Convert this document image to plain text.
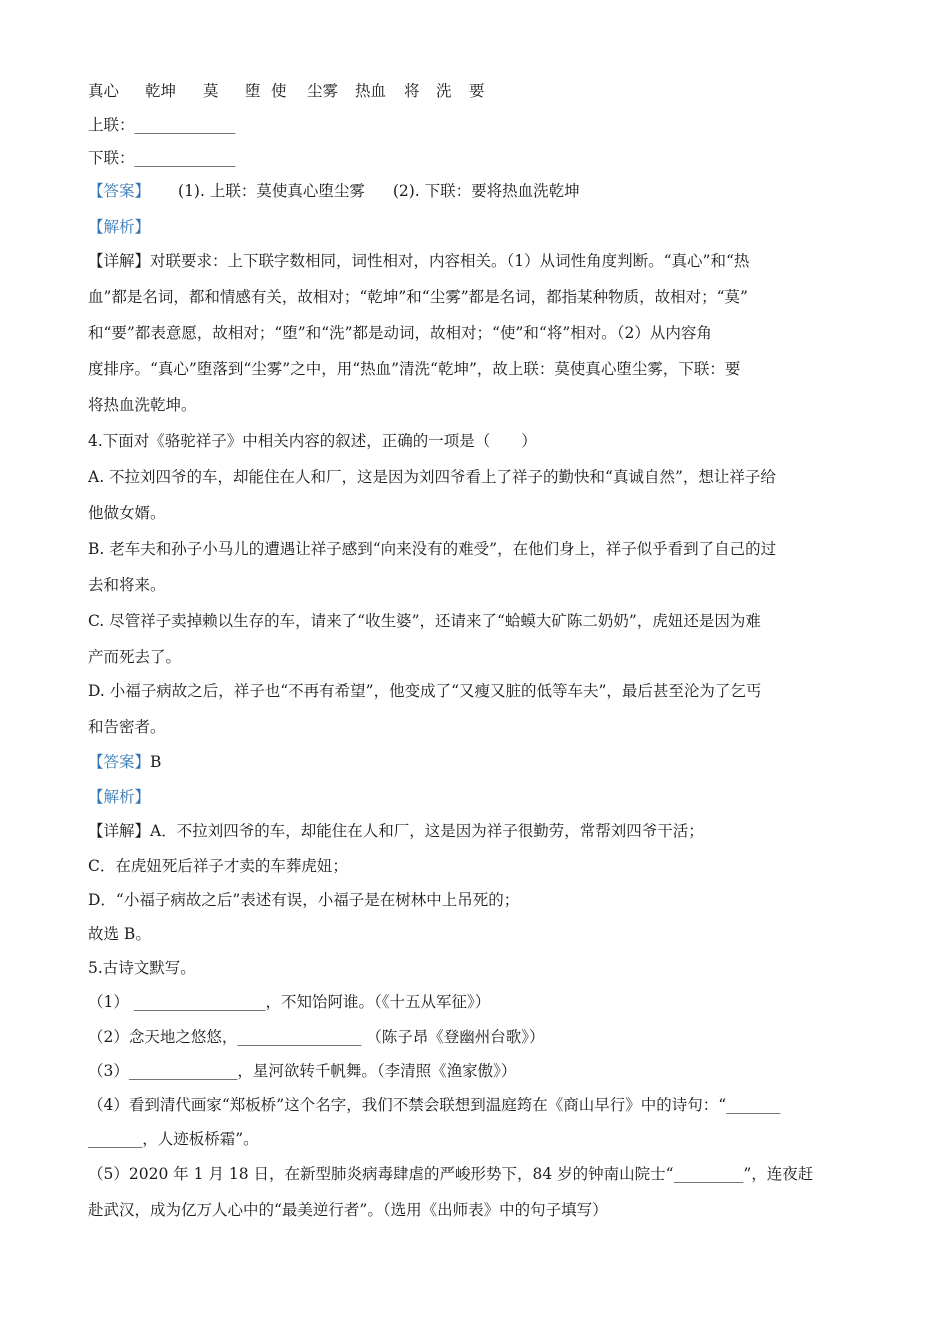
真心 乾坤 莫 堕 使 尘雾 热血 将 洗 要
上联：_____________
下联：_____________
【答案】 (1). 上联：莫使真心堕尘雾 (2). 下联：要将热血洗乾坤
【解析】
【详解】对联要求：上下联字数相同，词性相对，内容相关。（1）从词性角度判断。“真心”和“热
血”都是名词，都和情感有关，故相对；“乾坤”和“尘雾”都是名词，都指某种物质，故相对；“莫”
和“要”都表意愿，故相对；“堕”和“洗”都是动词，故相对；“使”和“将”相对。（2）从内容角
度排序。“真心”堕落到“尘雾”之中，用“热血”清洗“乾坤”，故上联：莫使真心堕尘雾，下联：要
将热血洗乾坤。
4.下面对《骆驼祥子》中相关内容的叙述，正确的一项是（　　）
A. 不拉刘四爷的车，却能住在人和厂，这是因为刘四爷看上了祥子的勤快和“真诚自然”，想让祥子给
他做女婿。
B. 老车夫和孙子小马儿的遭遇让祥子感到“向来没有的难受”，在他们身上，祥子似乎看到了自己的过
去和将来。
C. 尽管祥子卖掉赖以生存的车，请来了“收生婆”，还请来了“蛤蟆大矿陈二奶奶”，虎妞还是因为难
产而死去了。
D. 小福子病故之后，祥子也“不再有希望”，他变成了“又瘦又脏的低等车夫”，最后甚至沦为了乞丐
和告密者。
【答案】B
【解析】
【详解】A．不拉刘四爷的车，却能住在人和厂，这是因为祥子很勤劳，常帮刘四爷干活；
C．在虎妞死后祥子才卖的车葬虎妞；
D．“小福子病故之后”表述有误，小福子是在树林中上吊死的；
故选 B。
5.古诗文默写。
（1） _________________，不知饴阿谁。（《十五从军征》）
（2）念天地之悠悠，________________ （陈子昂《登幽州台歌》）
（3）______________，星河欲转千帆舞。（李清照《渔家傲》）
（4）看到清代画家“郑板桥”这个名字，我们不禁会联想到温庭筠在《商山早行》中的诗句：“_______
_______，人迹板桥霜”。
（5）2020 年 1 月 18 日，在新型肺炎病毒肆虐的严峻形势下，84 岁的钟南山院士“_________”，连夜赶
赴武汉，成为亿万人心中的“最美逆行者”。（选用《出师表》中的句子填写）
